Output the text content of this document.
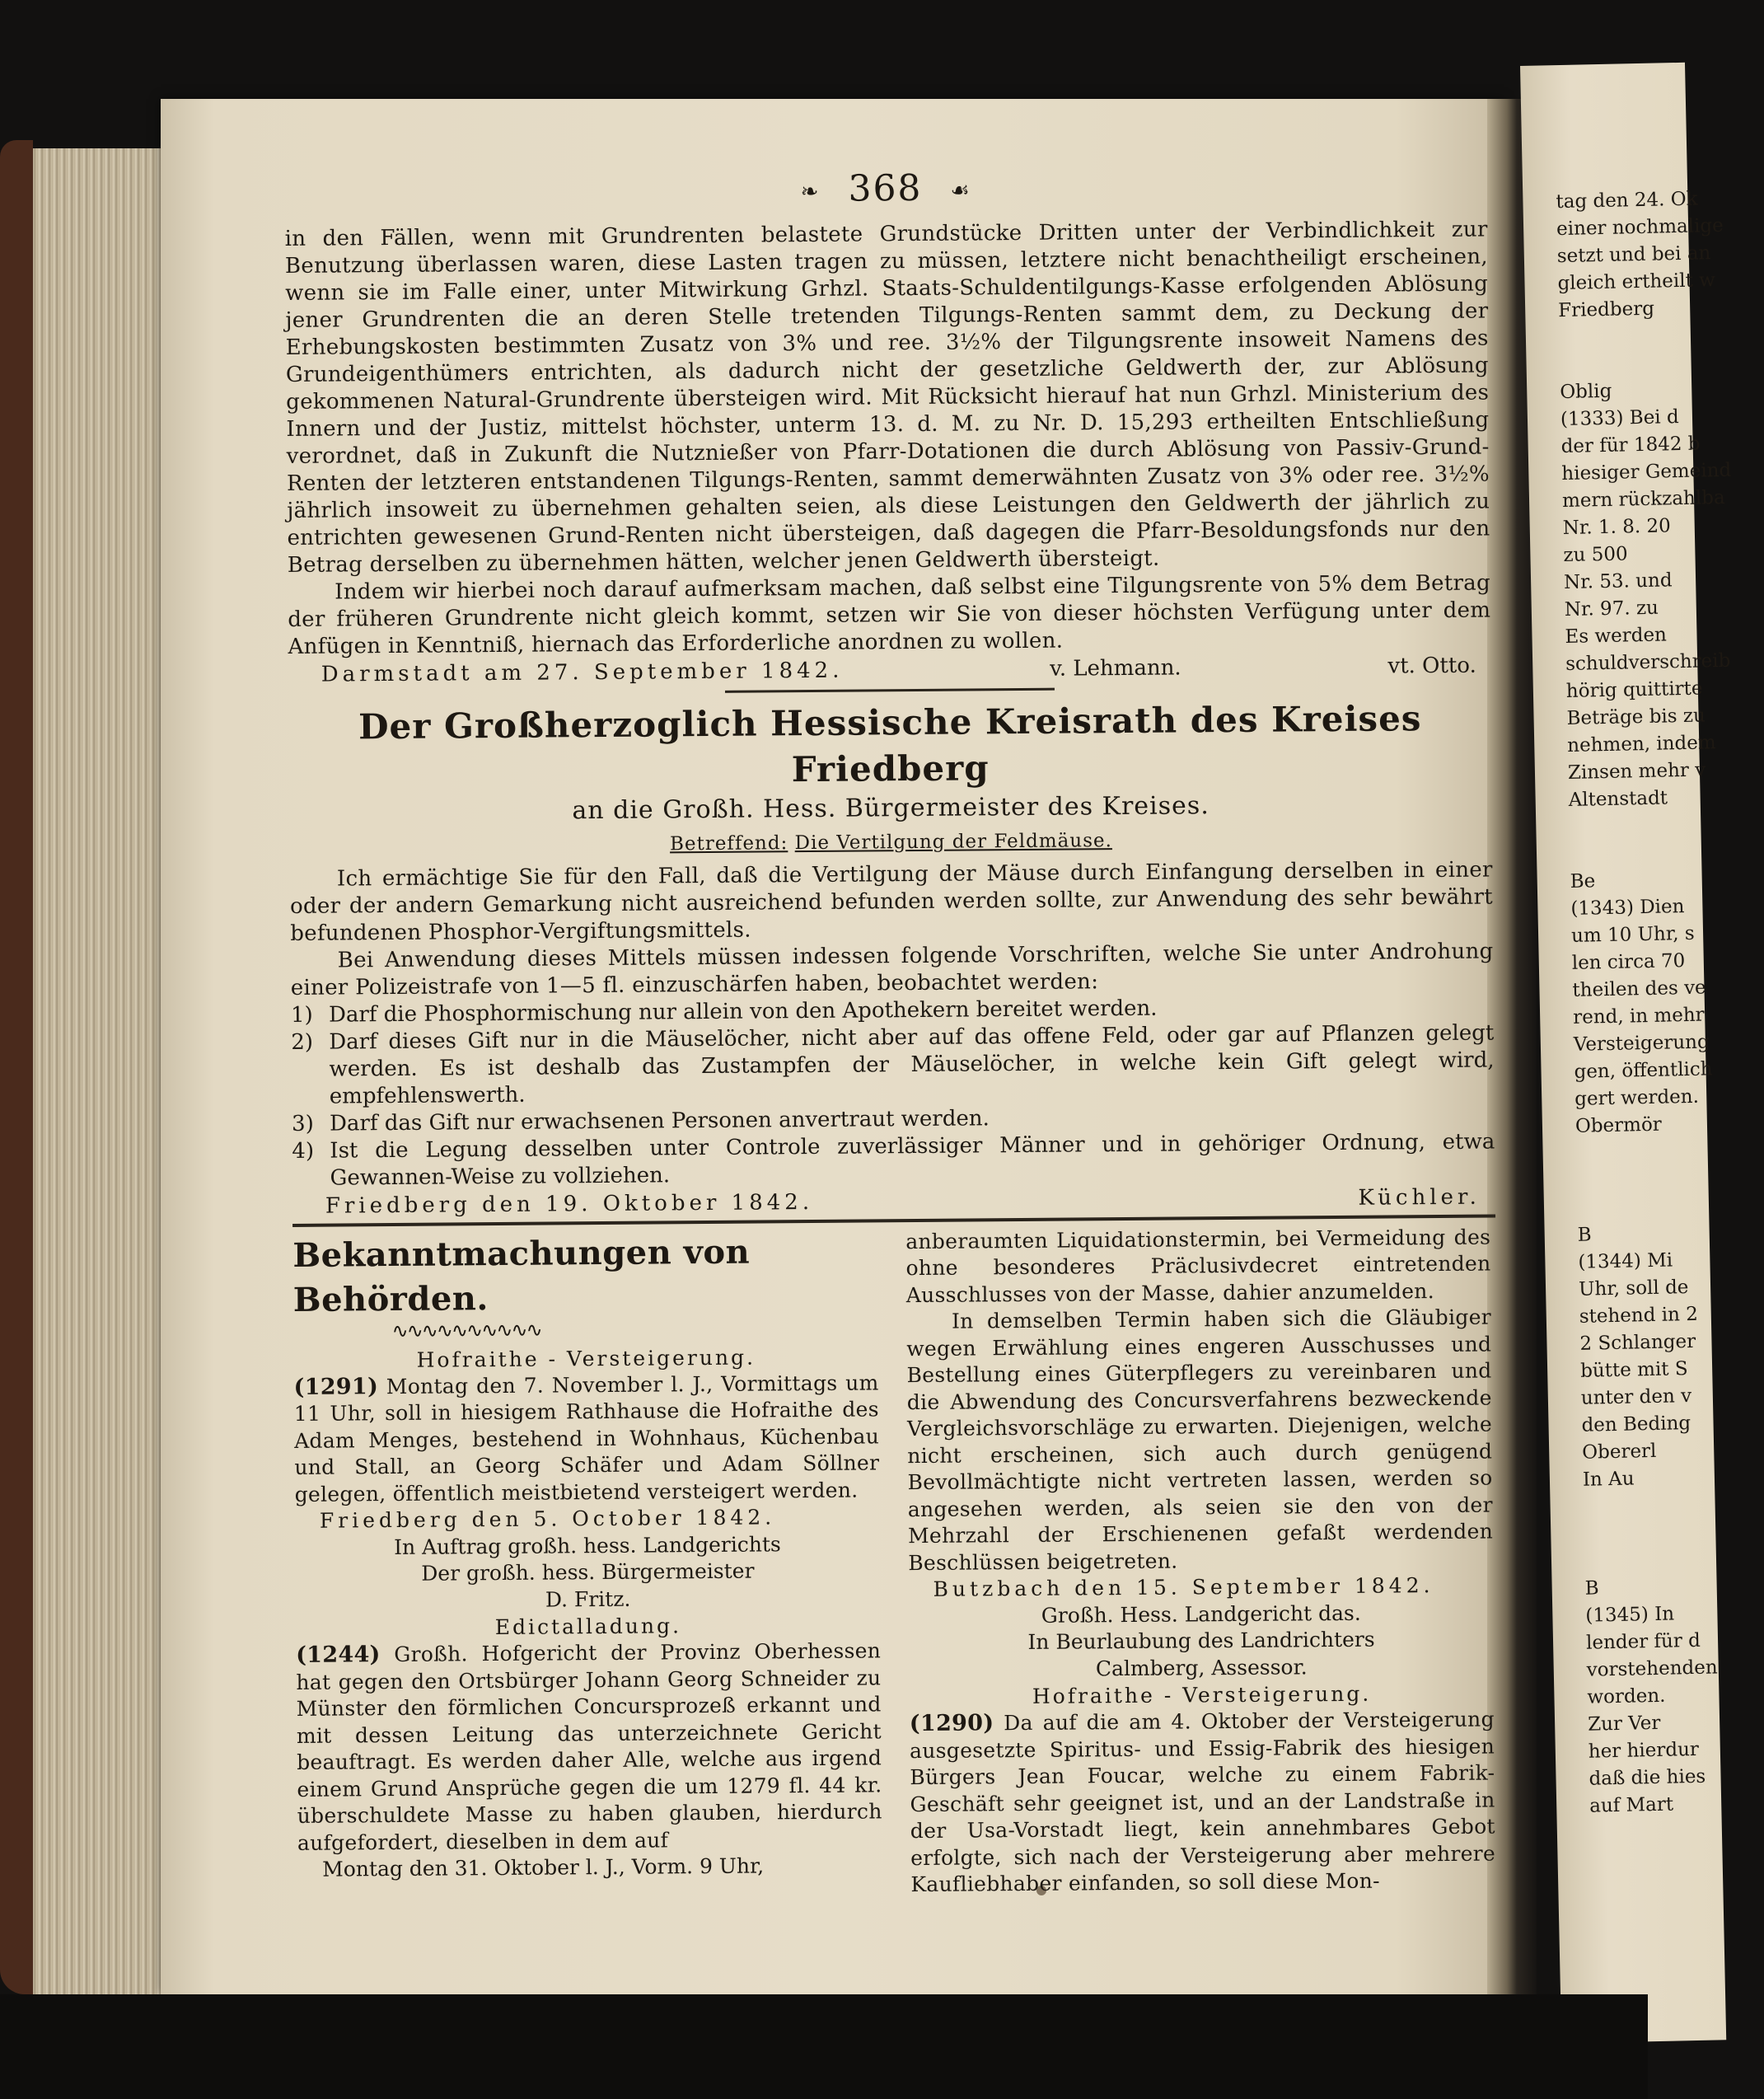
tag den 24. Ok
einer nochmalige
setzt und bei an
gleich ertheilt w
Friedberg
Oblig
(1333) Bei d
der für 1842 b
hiesiger Gemeind
mern rückzahlba
Nr. 1. 8. 20
zu 500
Nr. 53. und
Nr. 97. zu
Es werden
schuldverschreib
hörig quittirte
Beträge bis zu
nehmen, indem
Zinsen mehr v
Altenstadt
Be
(1343) Dien
um 10 Uhr, s
len circa 70
theilen des ve
rend, in mehr
Versteigerung
gen, öffentlich
gert werden.
Obermör
B
(1344) Mi
Uhr, soll de
stehend in 2
2 Schlanger
bütte mit S
unter den v
den Beding
Obererl
In Au
B
(1345) In
lender für d
vorstehenden
worden.
Zur Ver
her hierdur
daß die hies
auf Mart
❧ 368 ☙

in den Fällen, wenn mit Grundrenten belastete Grundstücke Dritten unter der Verbindlichkeit zur Benutzung überlassen waren, diese Lasten tragen zu müssen, letztere nicht benachtheiligt erscheinen, wenn sie im Falle einer, unter Mitwirkung Grhzl. Staats-Schuldentilgungs-Kasse erfolgenden Ablösung jener Grundrenten die an deren Stelle tretenden Tilgungs-Renten sammt dem, zu Deckung der Erhebungskosten bestimmten Zusatz von 3% und ree. 3½% der Tilgungsrente insoweit Namens des Grundeigenthümers entrichten, als dadurch nicht der gesetzliche Geldwerth der, zur Ablösung gekommenen Natural-Grundrente übersteigen wird. Mit Rücksicht hierauf hat nun Grhzl. Ministerium des Innern und der Justiz, mittelst höchster, unterm 13. d. M. zu Nr. D. 15,293 ertheilten Entschließung verordnet, daß in Zukunft die Nutznießer von Pfarr-Dotationen die durch Ablösung von Passiv-Grund-Renten der letzteren entstandenen Tilgungs-Renten, sammt demerwähnten Zusatz von 3% oder ree. 3½% jährlich insoweit zu übernehmen gehalten seien, als diese Leistungen den Geldwerth der jährlich zu entrichten gewesenen Grund-Renten nicht übersteigen, daß dagegen die Pfarr-Besoldungsfonds nur den Betrag derselben zu übernehmen hätten, welcher jenen Geldwerth übersteigt.

Indem wir hierbei noch darauf aufmerksam machen, daß selbst eine Tilgungsrente von 5% dem Betrag der früheren Grundrente nicht gleich kommt, setzen wir Sie von dieser höchsten Verfügung unter dem Anfügen in Kenntniß, hiernach das Erforderliche anordnen zu wollen.

Darmstadt am 27. September 1842.	v. Lehmann.	vt. Otto.
Der Großherzoglich Hessische Kreisrath des Kreises Friedberg
an die Großh. Hess. Bürgermeister des Kreises.
Betreffend: Die Vertilgung der Feldmäuse.

Ich ermächtige Sie für den Fall, daß die Vertilgung der Mäuse durch Einfangung derselben in einer oder der andern Gemarkung nicht ausreichend befunden werden sollte, zur Anwendung des sehr bewährt befundenen Phosphor-Vergiftungsmittels.

Bei Anwendung dieses Mittels müssen indessen folgende Vorschriften, welche Sie unter Androhung einer Polizeistrafe von 1—5 fl. einzuschärfen haben, beobachtet werden:

1) Darf die Phosphormischung nur allein von den Apothekern bereitet werden.
2) Darf dieses Gift nur in die Mäuselöcher, nicht aber auf das offene Feld, oder gar auf Pflanzen gelegt werden. Es ist deshalb das Zustampfen der Mäuselöcher, in welche kein Gift gelegt wird, empfehlenswerth.
3) Darf das Gift nur erwachsenen Personen anvertraut werden.
4) Ist die Legung desselben unter Controle zuverlässiger Männer und in gehöriger Ordnung, etwa Gewannen-Weise zu vollziehen.
Friedberg den 19. Oktober 1842.	Küchler.
Bekanntmachungen von Behörden.
∿∿∿∿∿∿∿∿∿∿
Hofraithe - Versteigerung.

(1291) Montag den 7. November l. J., Vormittags um 11 Uhr, soll in hiesigem Rathhause die Hofraithe des Adam Menges, bestehend in Wohnhaus, Küchenbau und Stall, an Georg Schäfer und Adam Söllner gelegen, öffentlich meistbietend versteigert werden.

Friedberg den 5. October 1842.
In Auftrag großh. hess. Landgerichts
Der großh. hess. Bürgermeister
D. Fritz.
Edictalladung.

(1244) Großh. Hofgericht der Provinz Oberhessen hat gegen den Ortsbürger Johann Georg Schneider zu Münster den förmlichen Concursprozeß erkannt und mit dessen Leitung das unterzeichnete Gericht beauftragt. Es werden daher Alle, welche aus irgend einem Grund Ansprüche gegen die um 1279 fl. 44 kr. überschuldete Masse zu haben glauben, hierdurch aufgefordert, dieselben in dem auf

Montag den 31. Oktober l. J., Vorm. 9 Uhr,

anberaumten Liquidationstermin, bei Vermeidung des ohne besonderes Präclusivdecret eintretenden Ausschlusses von der Masse, dahier anzumelden.

In demselben Termin haben sich die Gläubiger wegen Erwählung eines engeren Ausschusses und Bestellung eines Güterpflegers zu vereinbaren und die Abwendung des Concursverfahrens bezweckende Vergleichsvorschläge zu erwarten. Diejenigen, welche nicht erscheinen, sich auch durch genügend Bevollmächtigte nicht vertreten lassen, werden so angesehen werden, als seien sie den von der Mehrzahl der Erschienenen gefaßt werdenden Beschlüssen beigetreten.

Butzbach den 15. September 1842.
Großh. Hess. Landgericht das.
In Beurlaubung des Landrichters
Calmberg, Assessor.
Hofraithe - Versteigerung.

(1290) Da auf die am 4. Oktober der Versteigerung ausgesetzte Spiritus- und Essig-Fabrik des hiesigen Bürgers Jean Foucar, welche zu einem Fabrik-Geschäft sehr geeignet ist, und an der Landstraße in der Usa-Vorstadt liegt, kein annehmbares Gebot erfolgte, sich nach der Versteigerung aber mehrere Kaufliebhaber einfanden, so soll diese Mon-
